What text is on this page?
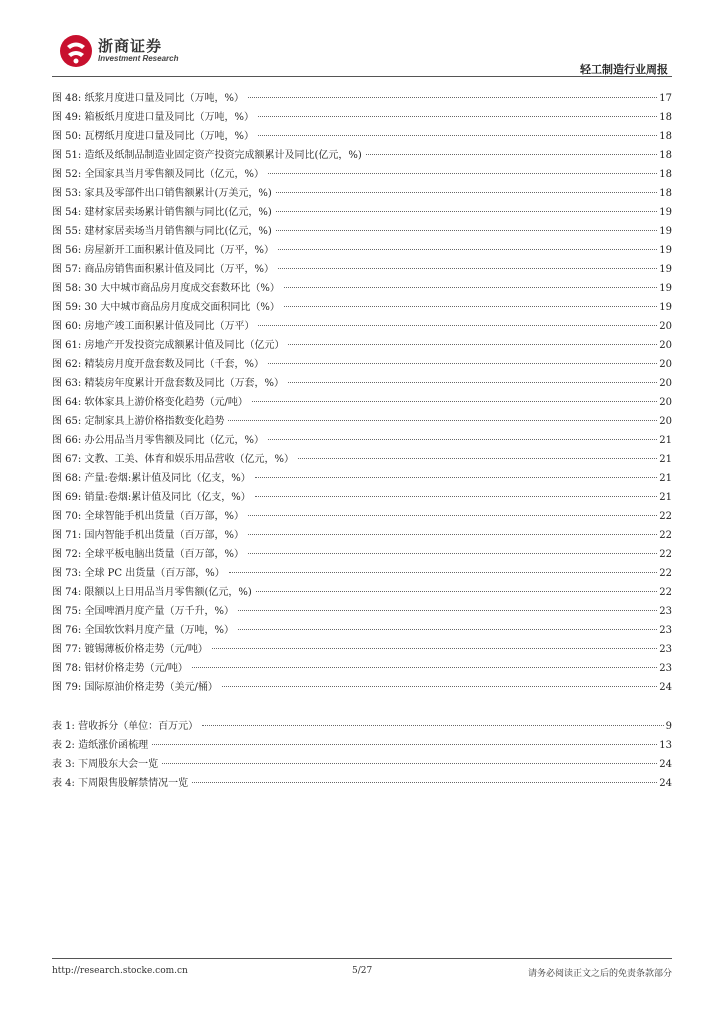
浙商证券
Investment Research
轻工制造行业周报
图 48: 纸浆月度进口量及同比（万吨，%）	17
图 49: 箱板纸月度进口量及同比（万吨，%）	18
图 50: 瓦楞纸月度进口量及同比（万吨，%）	18
图 51: 造纸及纸制品制造业固定资产投资完成额累计及同比(亿元，%)	18
图 52: 全国家具当月零售额及同比（亿元，%）	18
图 53: 家具及零部件出口销售额累计(万美元，%)	18
图 54: 建材家居卖场累计销售额与同比(亿元，%)	19
图 55: 建材家居卖场当月销售额与同比(亿元，%)	19
图 56: 房屋新开工面积累计值及同比（万平，%）	19
图 57: 商品房销售面积累计值及同比（万平，%）	19
图 58: 30 大中城市商品房月度成交套数环比（%）	19
图 59: 30 大中城市商品房月度成交面积同比（%）	19
图 60: 房地产竣工面积累计值及同比（万平）	20
图 61: 房地产开发投资完成额累计值及同比（亿元）	20
图 62: 精装房月度开盘套数及同比（千套，%）	20
图 63: 精装房年度累计开盘套数及同比（万套，%）	20
图 64: 软体家具上游价格变化趋势（元/吨）	20
图 65: 定制家具上游价格指数变化趋势	20
图 66: 办公用品当月零售额及同比（亿元，%）	21
图 67: 文教、工美、体育和娱乐用品营收（亿元，%）	21
图 68: 产量:卷烟:累计值及同比（亿支，%）	21
图 69: 销量:卷烟:累计值及同比（亿支，%）	21
图 70: 全球智能手机出货量（百万部，%）	22
图 71: 国内智能手机出货量（百万部，%）	22
图 72: 全球平板电脑出货量（百万部，%）	22
图 73: 全球 PC 出货量（百万部，%）	22
图 74: 限额以上日用品当月零售额(亿元，%)	22
图 75: 全国啤酒月度产量（万千升，%）	23
图 76: 全国软饮料月度产量（万吨，%）	23
图 77: 镀锡薄板价格走势（元/吨）	23
图 78: 铝材价格走势（元/吨）	23
图 79: 国际原油价格走势（美元/桶）	24
表 1: 营收拆分（单位：百万元）	9
表 2: 造纸涨价函梳理	13
表 3: 下周股东大会一览	24
表 4: 下周限售股解禁情况一览	24
http://research.stocke.com.cn	5/27	请务必阅读正文之后的免责条款部分
